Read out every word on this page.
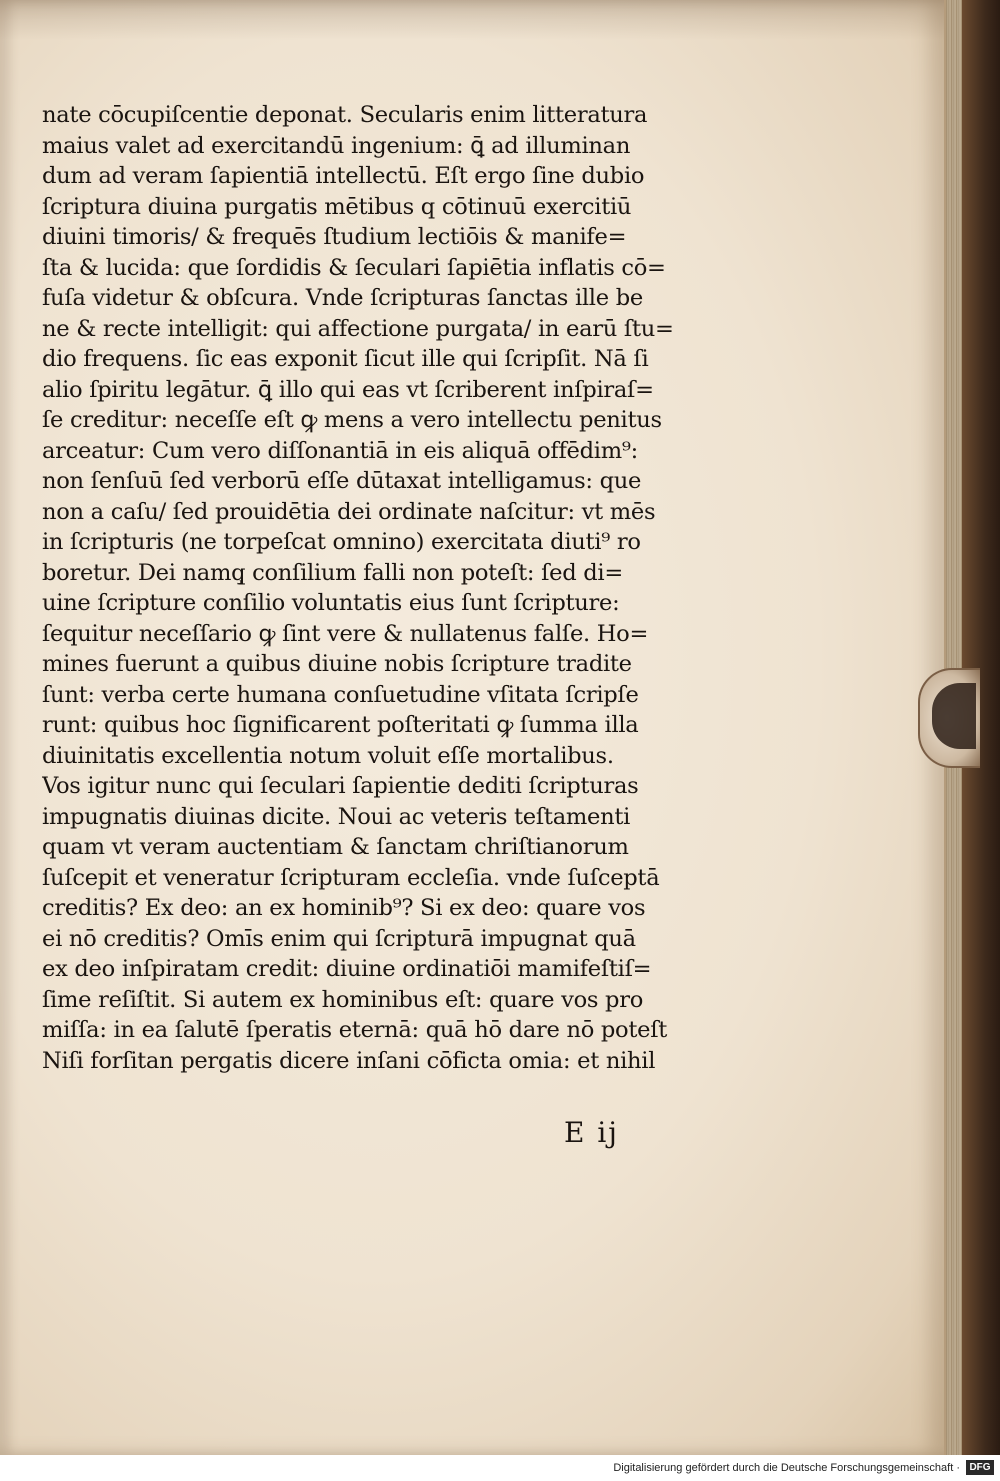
nate cōcupiſcentie deponat. Secularis enim litteratura
maius valet ad exercitandū ingenium: ꝗ̄ ad illuminan
dum ad veram ſapientiā intellectū. Eſt ergo ſine dubio
ſcriptura diuina purgatis mētibus q cōtinuū exercitiū
diuini timoris/ & frequēs ſtudium lectiōis & manife=
ſta & lucida: que ſordidis & ſeculari ſapiētia inflatis cō=
fuſa videtur & obſcura. Vnde ſcripturas ſanctas ille be
ne & recte intelligit: qui affectione purgata/ in earū ſtu=
dio frequens. ſic eas exponit ſicut ille qui ſcripſit. Nā ſi
alio ſpiritu legātur. ꝗ̄ illo qui eas vt ſcriberent inſpiraſ=
ſe creditur: neceſſe eſt ꝙ mens a vero intellectu penitus
arceatur: Cum vero diſſonantiā in eis aliquā offēdim⁹:
non ſenſuū ſed verborū eſſe dūtaxat intelligamus: que
non a caſu/ ſed prouidētia dei ordinate naſcitur: vt mēs
in ſcripturis (ne torpeſcat omnino) exercitata diuti⁹ ro
boretur. Dei namq̧ conſilium falli non poteſt: ſed di=
uine ſcripture conſilio voluntatis eius ſunt ſcripture:
ſequitur neceſſario ꝙ ſint vere & nullatenus falſe. Ho=
mines fuerunt a quibus diuine nobis ſcripture tradite
ſunt: verba certe humana conſuetudine vſitata ſcripſe
runt: quibus hoc ſignificarent poſteritati ꝙ ſumma illa
diuinitatis excellentia notum voluit eſſe mortalibus.
Vos igitur nunc qui ſeculari ſapientie dediti ſcripturas
impugnatis diuinas dicite. Noui ac veteris teſtamenti
quam vt veram auctentiam & ſanctam chriſtianorum
ſuſcepit et veneratur ſcripturam eccleſia. vnde ſuſceptā
creditis? Ex deo: an ex hominib⁹? Si ex deo: quare vos
ei nō creditis? Omīs enim qui ſcripturā impugnat quā
ex deo inſpiratam credit: diuine ordinatiōi mamifeſtiſ=
ſime reſiſtit. Si autem ex hominibus eſt: quare vos pro
miſſa: in ea ſalutē ſperatis eternā: quā hō dare nō poteſt
Niſi forſitan pergatis dicere inſani cōficta omia: et nihil
E ij
Digitalisierung gefördert durch die Deutsche Forschungsgemeinschaft · DFG
